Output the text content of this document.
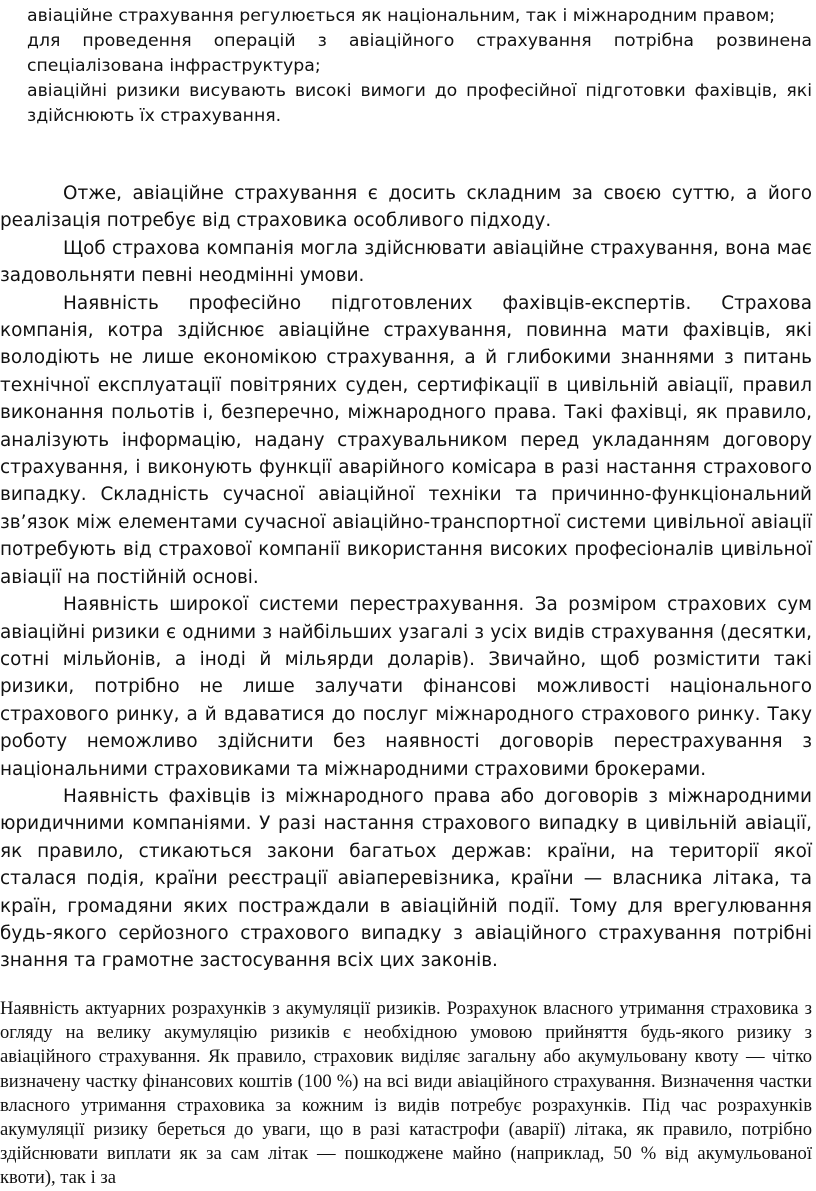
авіаційне страхування регулюється як національним, так і міжнародним правом;

для проведення операцій з авіаційного страхування потрібна розвинена спеціалізована інфраструктура;

авіаційні ризики висувають високі вимоги до професійної підготовки фахівців, які здійснюють їх страхування.

Отже, авіаційне страхування є досить складним за своєю суттю, а його реалізація потребує від страховика особливого підходу.

Щоб страхова компанія могла здійснювати авіаційне страхування, вона має задовольняти певні неодмінні умови.

Наявність професійно підготовлених фахівців-експертів. Страхова компанія, котра здійснює авіаційне страхування, повинна мати фахівців, які володіють не лише економікою страхування, а й глибокими знаннями з питань технічної експлуатації повітряних суден, сертифікації в цивільній авіації, правил виконання польотів і, безперечно, міжнародного права. Такі фахівці, як правило, аналізують інформацію, надану страхувальником перед укладанням договору страхування, і виконують функції аварійного комісара в разі настання страхового випадку. Складність сучасної авіаційної техніки та причинно-функціональний зв’язок між елементами сучасної авіаційно-транспортної системи цивільної авіації потребують від страхової компанії використання високих професіоналів цивільної авіації на постійній основі.

Наявність широкої системи перестрахування. За розміром страхових сум авіаційні ризики є одними з найбільших узагалі з усіх видів страхування (десятки, сотні мільйонів, а іноді й мільярди доларів). Звичайно, щоб розмістити такі ризики, потрібно не лише залучати фінансові можливості національного страхового ринку, а й вдаватися до послуг міжнародного страхового ринку. Таку роботу неможливо здійснити без наявності договорів перестрахування з національними страховиками та міжнародними страховими брокерами.

Наявність фахівців із міжнародного права або договорів з міжнародними юридичними компаніями. У разі настання страхового випадку в цивільній авіації, як правило, стикаються закони багатьох держав: країни, на території якої сталася подія, країни реєстрації авіаперевізника, країни — власника літака, та країн, громадяни яких постраждали в авіаційній події. Тому для врегулювання будь-якого серйозного страхового випадку з авіаційного страхування потрібні знання та грамотне застосування всіх цих законів.

Наявність актуарних розрахунків з акумуляції ризиків. Розрахунок власного утримання страховика з огляду на велику акумуляцію ризиків є необхідною умовою прийняття будь-якого ризику з авіаційного страхування. Як правило, страховик виділяє загальну або акумульовану квоту — чітко визначену частку фінансових коштів (100 %) на всі види авіаційного страхування. Визначення частки власного утримання страховика за кожним із видів потребує розрахунків. Під час розрахунків акумуляції ризику береться до уваги, що в разі катастрофи (аварії) літака, як правило, потрібно здійснювати виплати як за сам літак — пошкоджене майно (наприклад, 50 % від акумульованої квоти), так і за
